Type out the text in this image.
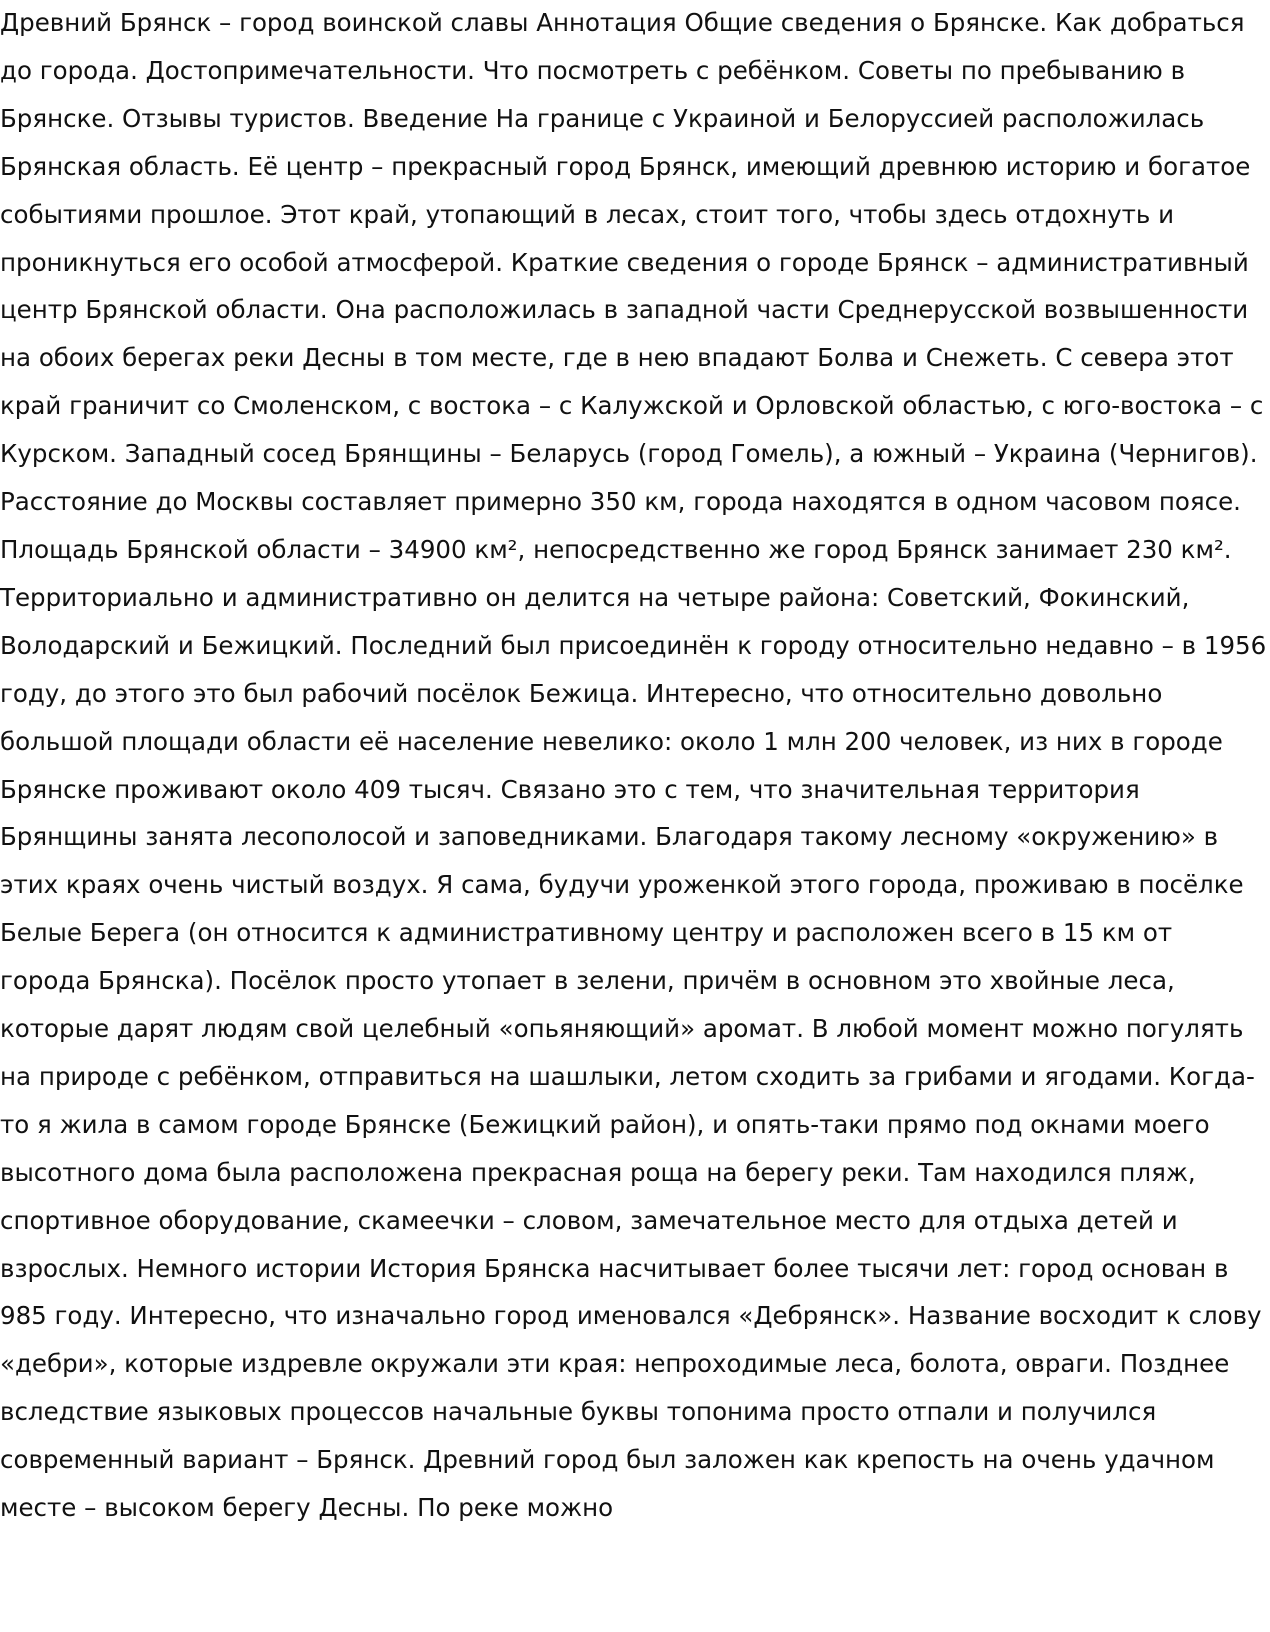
Древний Брянск – город воинской славы Аннотация Общие сведения о Брянске. Как добраться до города. Достопримечательности. Что посмотреть с ребёнком. Советы по пребыванию в Брянске. Отзывы туристов. Введение На границе с Украиной и Белоруссией расположилась Брянская область. Её центр – прекрасный город Брянск, имеющий древнюю историю и богатое событиями прошлое. Этот край, утопающий в лесах, стоит того, чтобы здесь отдохнуть и проникнуться его особой атмосферой. Краткие сведения о городе Брянск – административный центр Брянской области. Она расположилась в западной части Среднерусской возвышенности на обоих берегах реки Десны в том месте, где в нею впадают Болва и Снежеть. С севера этот край граничит со Смоленском, с востока – с Калужской и Орловской областью, с юго-востока – с Курском. Западный сосед Брянщины – Беларусь (город Гомель), а южный – Украина (Чернигов). Расстояние до Москвы составляет примерно 350 км, города находятся в одном часовом поясе. Площадь Брянской области – 34900 км², непосредственно же город Брянск занимает 230 км². Территориально и административно он делится на четыре района: Советский, Фокинский, Володарский и Бежицкий. Последний был присоединён к городу относительно недавно – в 1956 году, до этого это был рабочий посёлок Бежица. Интересно, что относительно довольно большой площади области её население невелико: около 1 млн 200 человек, из них в городе Брянске проживают около 409 тысяч. Связано это с тем, что значительная территория Брянщины занята лесополосой и заповедниками. Благодаря такому лесному «окружению» в этих краях очень чистый воздух. Я сама, будучи уроженкой этого города, проживаю в посёлке Белые Берега (он относится к административному центру и расположен всего в 15 км от города Брянска). Посёлок просто утопает в зелени, причём в основном это хвойные леса, которые дарят людям свой целебный «опьяняющий» аромат. В любой момент можно погулять на природе с ребёнком, отправиться на шашлыки, летом сходить за грибами и ягодами. Когда-то я жила в самом городе Брянске (Бежицкий район), и опять-таки прямо под окнами моего высотного дома была расположена прекрасная роща на берегу реки. Там находился пляж, спортивное оборудование, скамеечки – словом, замечательное место для отдыха детей и взрослых. Немного истории История Брянска насчитывает более тысячи лет: город основан в 985 году. Интересно, что изначально город именовался «Дебрянск». Название восходит к слову «дебри», которые издревле окружали эти края: непроходимые леса, болота, овраги. Позднее вследствие языковых процессов начальные буквы топонима просто отпали и получился современный вариант – Брянск. Древний город был заложен как крепость на очень удачном месте – высоком берегу Десны. По реке можно
